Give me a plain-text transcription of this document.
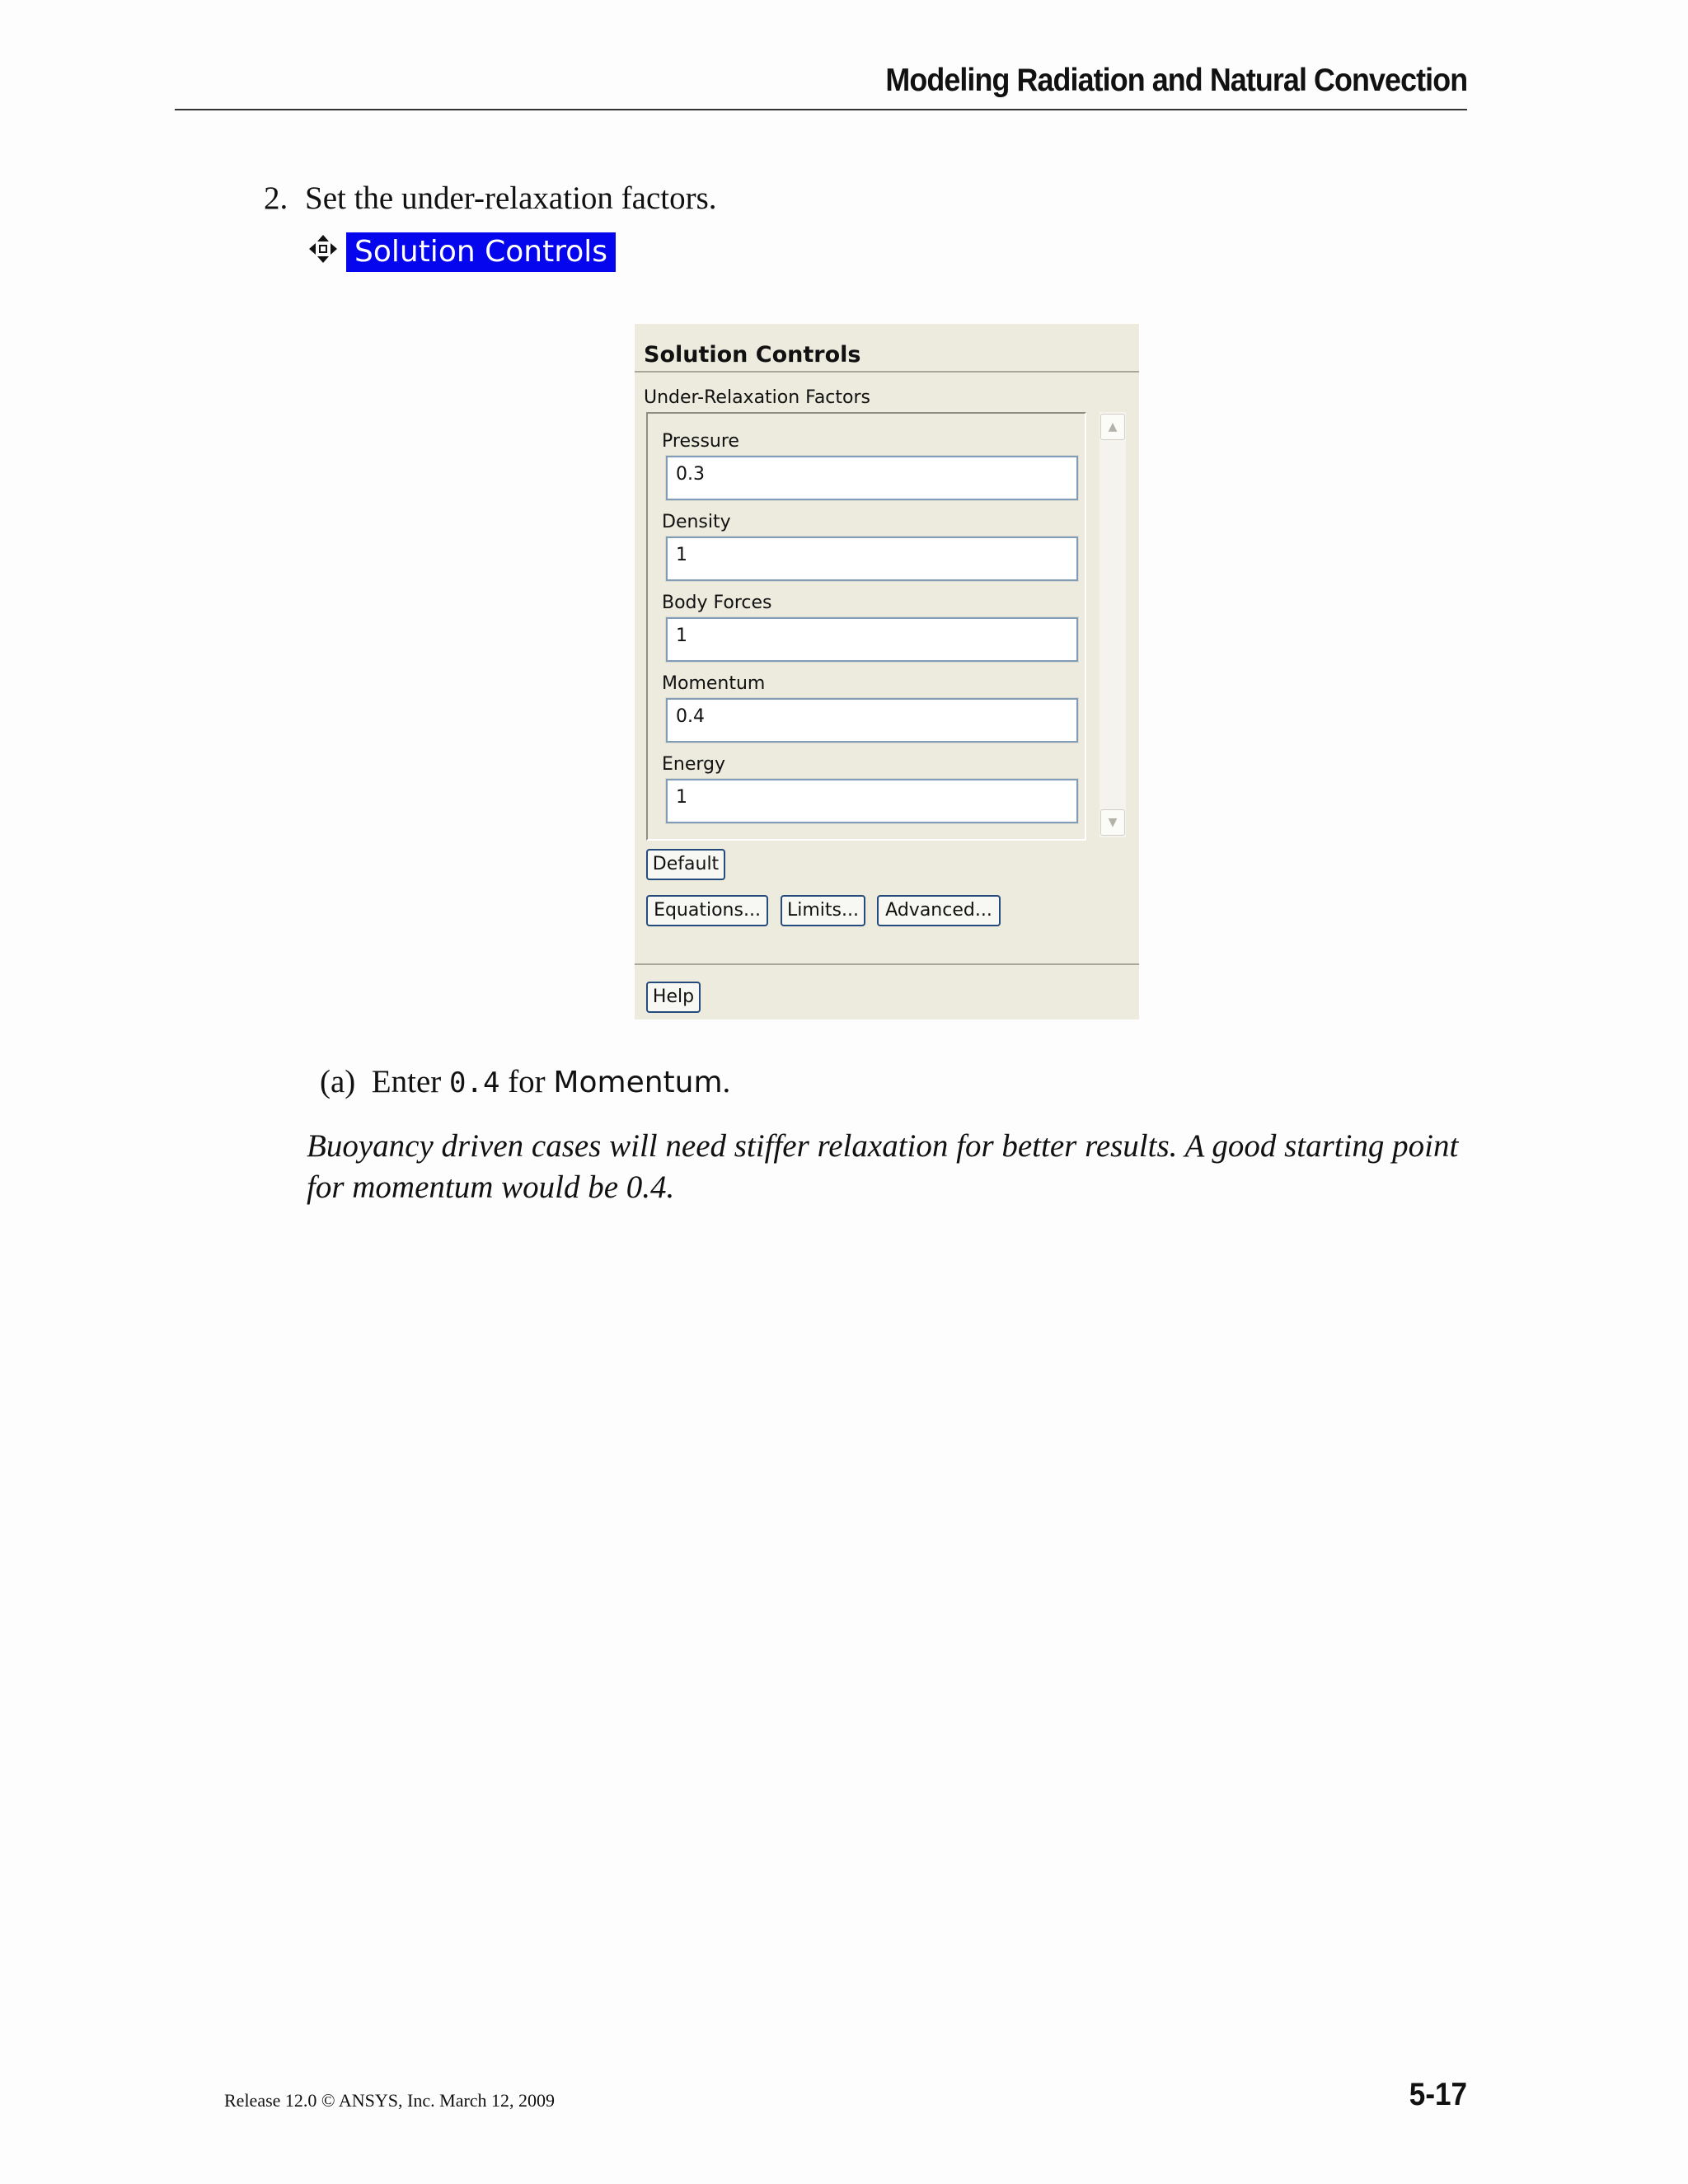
Modeling Radiation and Natural Convection
2. Set the under-relaxation factors.
Solution Controls
Solution Controls
Under-Relaxation Factors
Pressure
0.3
Density
1
Body Forces
1
Momentum
0.4
Energy
1
▲
▼
Default
Equations...	Limits...	Advanced...
Help
(a) Enter 0.4 for Momentum.
Buoyancy driven cases will need stiffer relaxation for better results. A good starting point for momentum would be 0.4.
Release 12.0 © ANSYS, Inc. March 12, 2009	5-17
